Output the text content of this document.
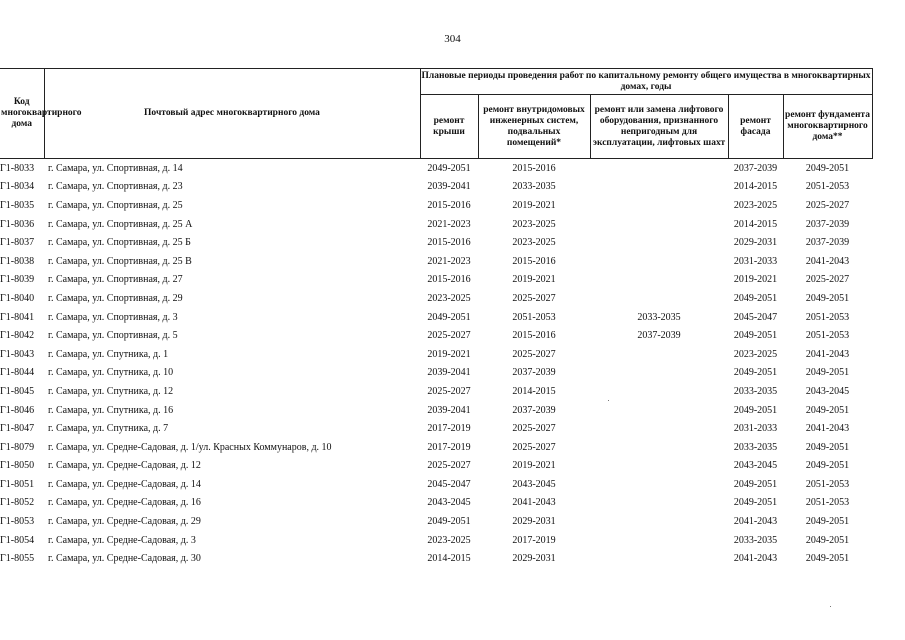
304
Код многоквартирного дома	Почтовый адрес многоквартирного дома	Плановые периоды проведения работ по капитальному ремонту общего имущества в многоквартирных домах, годы				
		ремонт крыши	ремонт внутридомовых инженерных систем, подвальных помещений*	ремонт или замена лифтового оборудования, признанного непригодным для эксплуатации, лифтовых шахт	ремонт фасада	ремонт фундамента многоквартирного дома**
Г1-8033	г. Самара, ул. Спортивная, д. 14	2049-2051	2015-2016		2037-2039	2049-2051
Г1-8034	г. Самара, ул. Спортивная, д. 23	2039-2041	2033-2035		2014-2015	2051-2053
Г1-8035	г. Самара, ул. Спортивная, д. 25	2015-2016	2019-2021		2023-2025	2025-2027
Г1-8036	г. Самара, ул. Спортивная, д. 25 А	2021-2023	2023-2025		2014-2015	2037-2039
Г1-8037	г. Самара, ул. Спортивная, д. 25 Б	2015-2016	2023-2025		2029-2031	2037-2039
Г1-8038	г. Самара, ул. Спортивная, д. 25 В	2021-2023	2015-2016		2031-2033	2041-2043
Г1-8039	г. Самара, ул. Спортивная, д. 27	2015-2016	2019-2021		2019-2021	2025-2027
Г1-8040	г. Самара, ул. Спортивная, д. 29	2023-2025	2025-2027		2049-2051	2049-2051
Г1-8041	г. Самара, ул. Спортивная, д. 3	2049-2051	2051-2053	2033-2035	2045-2047	2051-2053
Г1-8042	г. Самара, ул. Спортивная, д. 5	2025-2027	2015-2016	2037-2039	2049-2051	2051-2053
Г1-8043	г. Самара, ул. Спутника, д. 1	2019-2021	2025-2027		2023-2025	2041-2043
Г1-8044	г. Самара, ул. Спутника, д. 10	2039-2041	2037-2039		2049-2051	2049-2051
Г1-8045	г. Самара, ул. Спутника, д. 12	2025-2027	2014-2015		2033-2035	2043-2045
Г1-8046	г. Самара, ул. Спутника, д. 16	2039-2041	2037-2039		2049-2051	2049-2051
Г1-8047	г. Самара, ул. Спутника, д. 7	2017-2019	2025-2027		2031-2033	2041-2043
Г1-8079	г. Самара, ул. Средне-Садовая, д. 1/ул. Красных Коммунаров, д. 10	2017-2019	2025-2027		2033-2035	2049-2051
Г1-8050	г. Самара, ул. Средне-Садовая, д. 12	2025-2027	2019-2021		2043-2045	2049-2051
Г1-8051	г. Самара, ул. Средне-Садовая, д. 14	2045-2047	2043-2045		2049-2051	2051-2053
Г1-8052	г. Самара, ул. Средне-Садовая, д. 16	2043-2045	2041-2043		2049-2051	2051-2053
Г1-8053	г. Самара, ул. Средне-Садовая, д. 29	2049-2051	2029-2031		2041-2043	2049-2051
Г1-8054	г. Самара, ул. Средне-Садовая, д. 3	2023-2025	2017-2019		2033-2035	2049-2051
Г1-8055	г. Самара, ул. Средне-Садовая, д. 30	2014-2015	2029-2031		2041-2043	2049-2051
